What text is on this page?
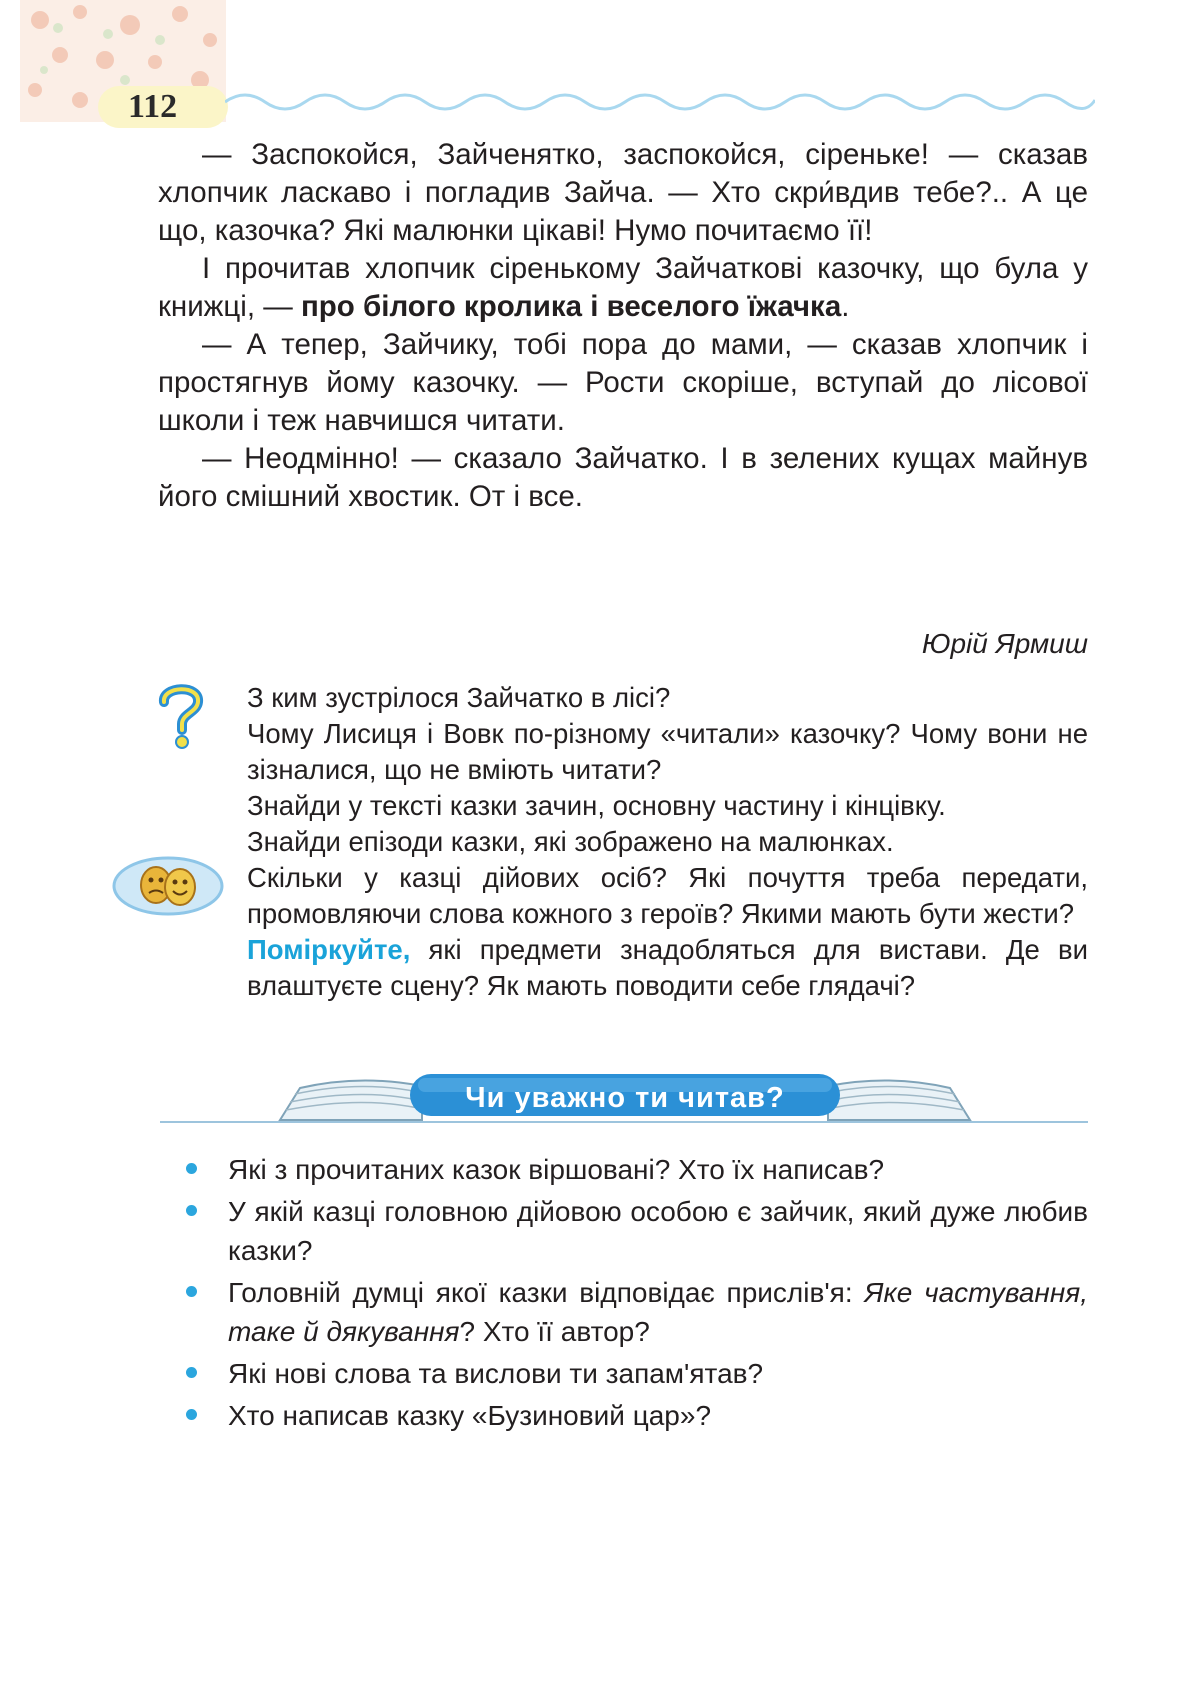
112

— Заспокойся, Зайченятко, заспокойся, сіреньке! — сказав хлопчик ласкаво і погладив Зайча. — Хто скри́вдив тебе?.. А це що, казочка? Які малюнки цікаві! Нумо почитаємо її!

І прочитав хлопчик сіренькому Зайчаткові казочку, що була у книжці, — про білого кролика і веселого їжачка.

— А тепер, Зайчику, тобі пора до мами, — сказав хлопчик і простягнув йому казочку. — Рости скоріше, вступай до лісової школи і теж навчишся читати.

— Неодмінно! — сказало Зайчатко. І в зелених кущах майнув його смішний хвостик. От і все.

Юрій Ярмиш

З ким зустрілося Зайчатко в лісі?

Чому Лисиця і Вовк по-різному «читали» казочку? Чому вони не зізналися, що не вміють читати?

Знайди у тексті казки зачин, основну частину і кінцівку.

Знайди епізоди казки, які зображено на малюнках.

Скільки у казці дійових осіб? Які почуття треба передати, промовляючи слова кожного з героїв? Якими мають бути жести?

Поміркуйте, які предмети знадобляться для вистави. Де ви влаштуєте сцену? Як мають поводити себе глядачі?

Чи уважно ти читав?
Які з прочитаних казок віршовані? Хто їх написав?
У якій казці головною дійовою особою є зайчик, який дуже любив казки?
Головній думці якої казки відповідає прислів'я: Яке частування, таке й дякування? Хто її автор?
Які нові слова та вислови ти запам'ятав?
Хто написав казку «Бузиновий цар»?
